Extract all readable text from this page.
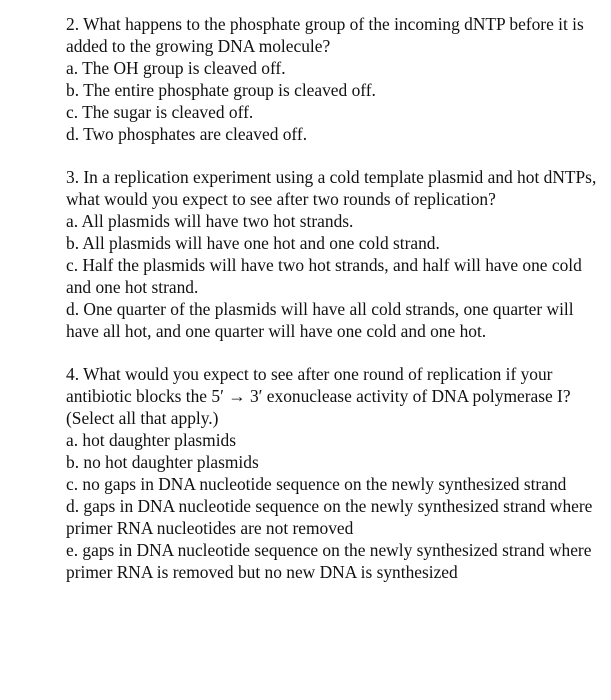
2. What happens to the phosphate group of the incoming dNTP before it is added to the growing DNA molecule?
a. The OH group is cleaved off.
b. The entire phosphate group is cleaved off.
c. The sugar is cleaved off.
d. Two phosphates are cleaved off.
3. In a replication experiment using a cold template plasmid and hot dNTPs, what would you expect to see after two rounds of replication?
a. All plasmids will have two hot strands.
b. All plasmids will have one hot and one cold strand.
c. Half the plasmids will have two hot strands, and half will have one cold and one hot strand.
d. One quarter of the plasmids will have all cold strands, one quarter will have all hot, and one quarter will have one cold and one hot.
4. What would you expect to see after one round of replication if your antibiotic blocks the 5′ → 3′ exonuclease activity of DNA polymerase I? (Select all that apply.)
a. hot daughter plasmids
b. no hot daughter plasmids
c. no gaps in DNA nucleotide sequence on the newly synthesized strand
d. gaps in DNA nucleotide sequence on the newly synthesized strand where primer RNA nucleotides are not removed
e. gaps in DNA nucleotide sequence on the newly synthesized strand where primer RNA is removed but no new DNA is synthesized
